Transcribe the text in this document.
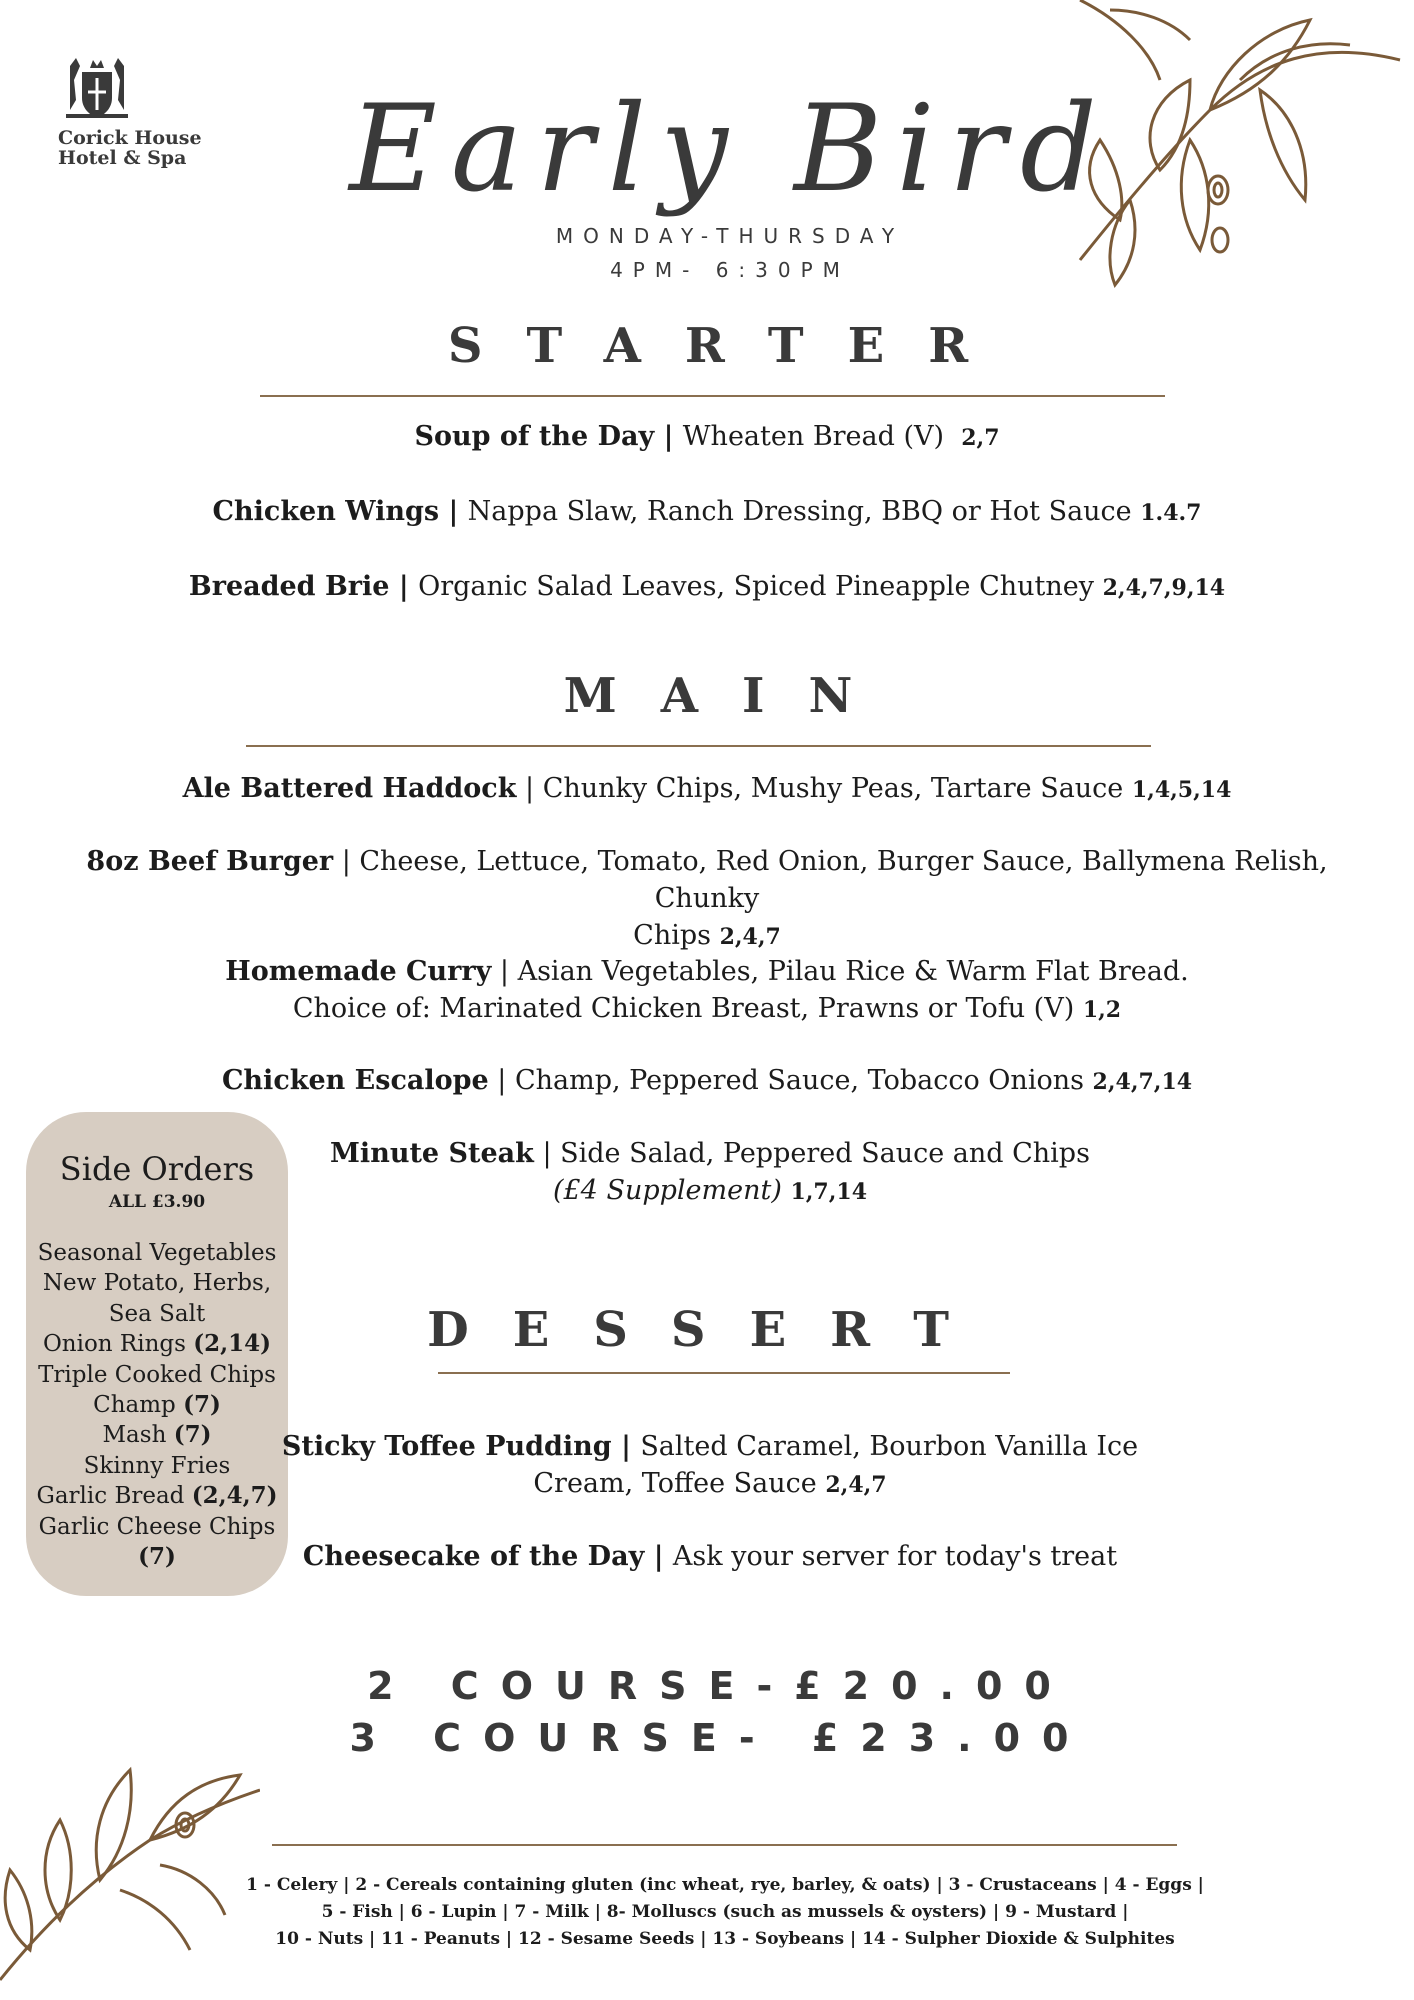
Corick House
Hotel & Spa Early Bird
MONDAY-THURSDAY
4PM- 6:30PM
STARTER
Soup of the Day | Wheaten Bread (V) 2,7
Chicken Wings | Nappa Slaw, Ranch Dressing, BBQ or Hot Sauce 1.4.7
Breaded Brie | Organic Salad Leaves, Spiced Pineapple Chutney 2,4,7,9,14
MAIN
Ale Battered Haddock | Chunky Chips, Mushy Peas, Tartare Sauce 1,4,5,14
8oz Beef Burger | Cheese, Lettuce, Tomato, Red Onion, Burger Sauce, Ballymena Relish, Chunky
Chips 2,4,7
Homemade Curry | Asian Vegetables, Pilau Rice & Warm Flat Bread.
Choice of: Marinated Chicken Breast, Prawns or Tofu (V) 1,2
Chicken Escalope | Champ, Peppered Sauce, Tobacco Onions 2,4,7,14
Minute Steak | Side Salad, Peppered Sauce and Chips
(£4 Supplement) 1,7,14
Side Orders
ALL £3.90
Seasonal Vegetables
New Potato, Herbs,
Sea Salt
Onion Rings (2,14)
Triple Cooked Chips
Champ (7)
Mash (7)
Skinny Fries
Garlic Bread (2,4,7)
Garlic Cheese Chips
(7)
DESSERT
Sticky Toffee Pudding | Salted Caramel, Bourbon Vanilla Ice
Cream, Toffee Sauce 2,4,7
Cheesecake of the Day | Ask your server for today's treat
2 COURSE-£20.00
3 COURSE- £23.00
1 - Celery | 2 - Cereals containing gluten (inc wheat, rye, barley, & oats) | 3 - Crustaceans | 4 - Eggs |
5 - Fish | 6 - Lupin | 7 - Milk | 8- Molluscs (such as mussels & oysters) | 9 - Mustard |
10 - Nuts | 11 - Peanuts | 12 - Sesame Seeds | 13 - Soybeans | 14 - Sulpher Dioxide & Sulphites
